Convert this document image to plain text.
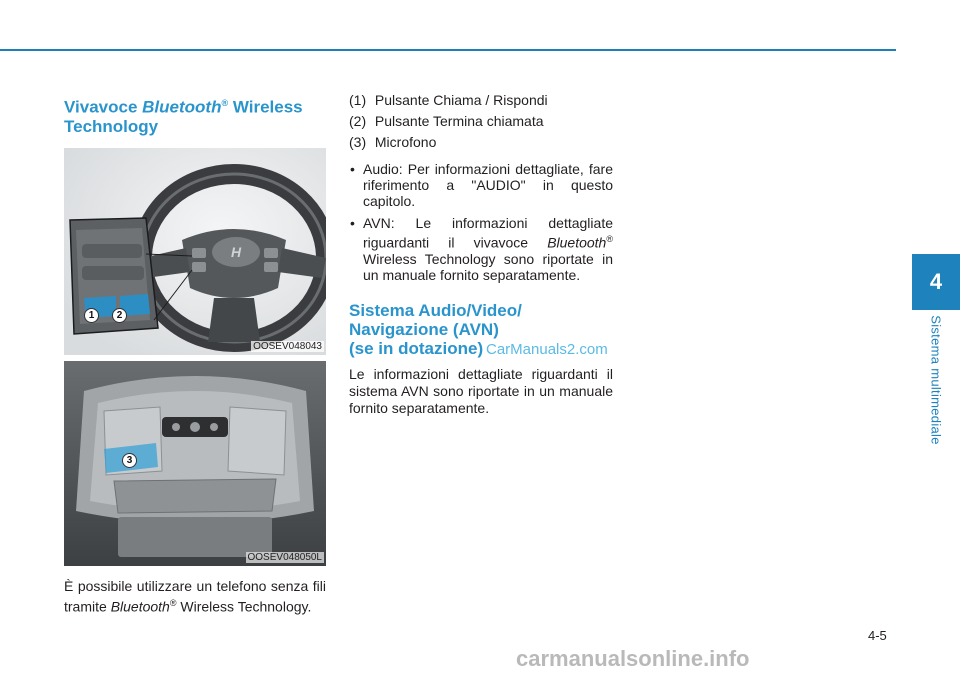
4
Sistema multimediale
Vivavoce Bluetooth® Wireless Technology
H
1	2
OOSEV048043
3
OOSEV048050L

È possibile utilizzare un telefono senza fili tramite Bluetooth® Wireless Technology.

(1) Pulsante Chiama / Rispondi
(2) Pulsante Termina chiamata
(3) Microfono
• Audio: Per informazioni dettagliate, fare riferimento a "AUDIO" in questo capitolo.
• AVN: Le informazioni dettagliate riguardanti il vivavoce Bluetooth® Wireless Technology sono riportate in un manuale fornito separatamente.
Sistema Audio/Video/
Navigazione (AVN)
(se in dotazione)

Le informazioni dettagliate riguardanti il sistema AVN sono riportate in un manuale fornito separatamente.

CarManuals2.com
carmanualsonline.info
4-5
